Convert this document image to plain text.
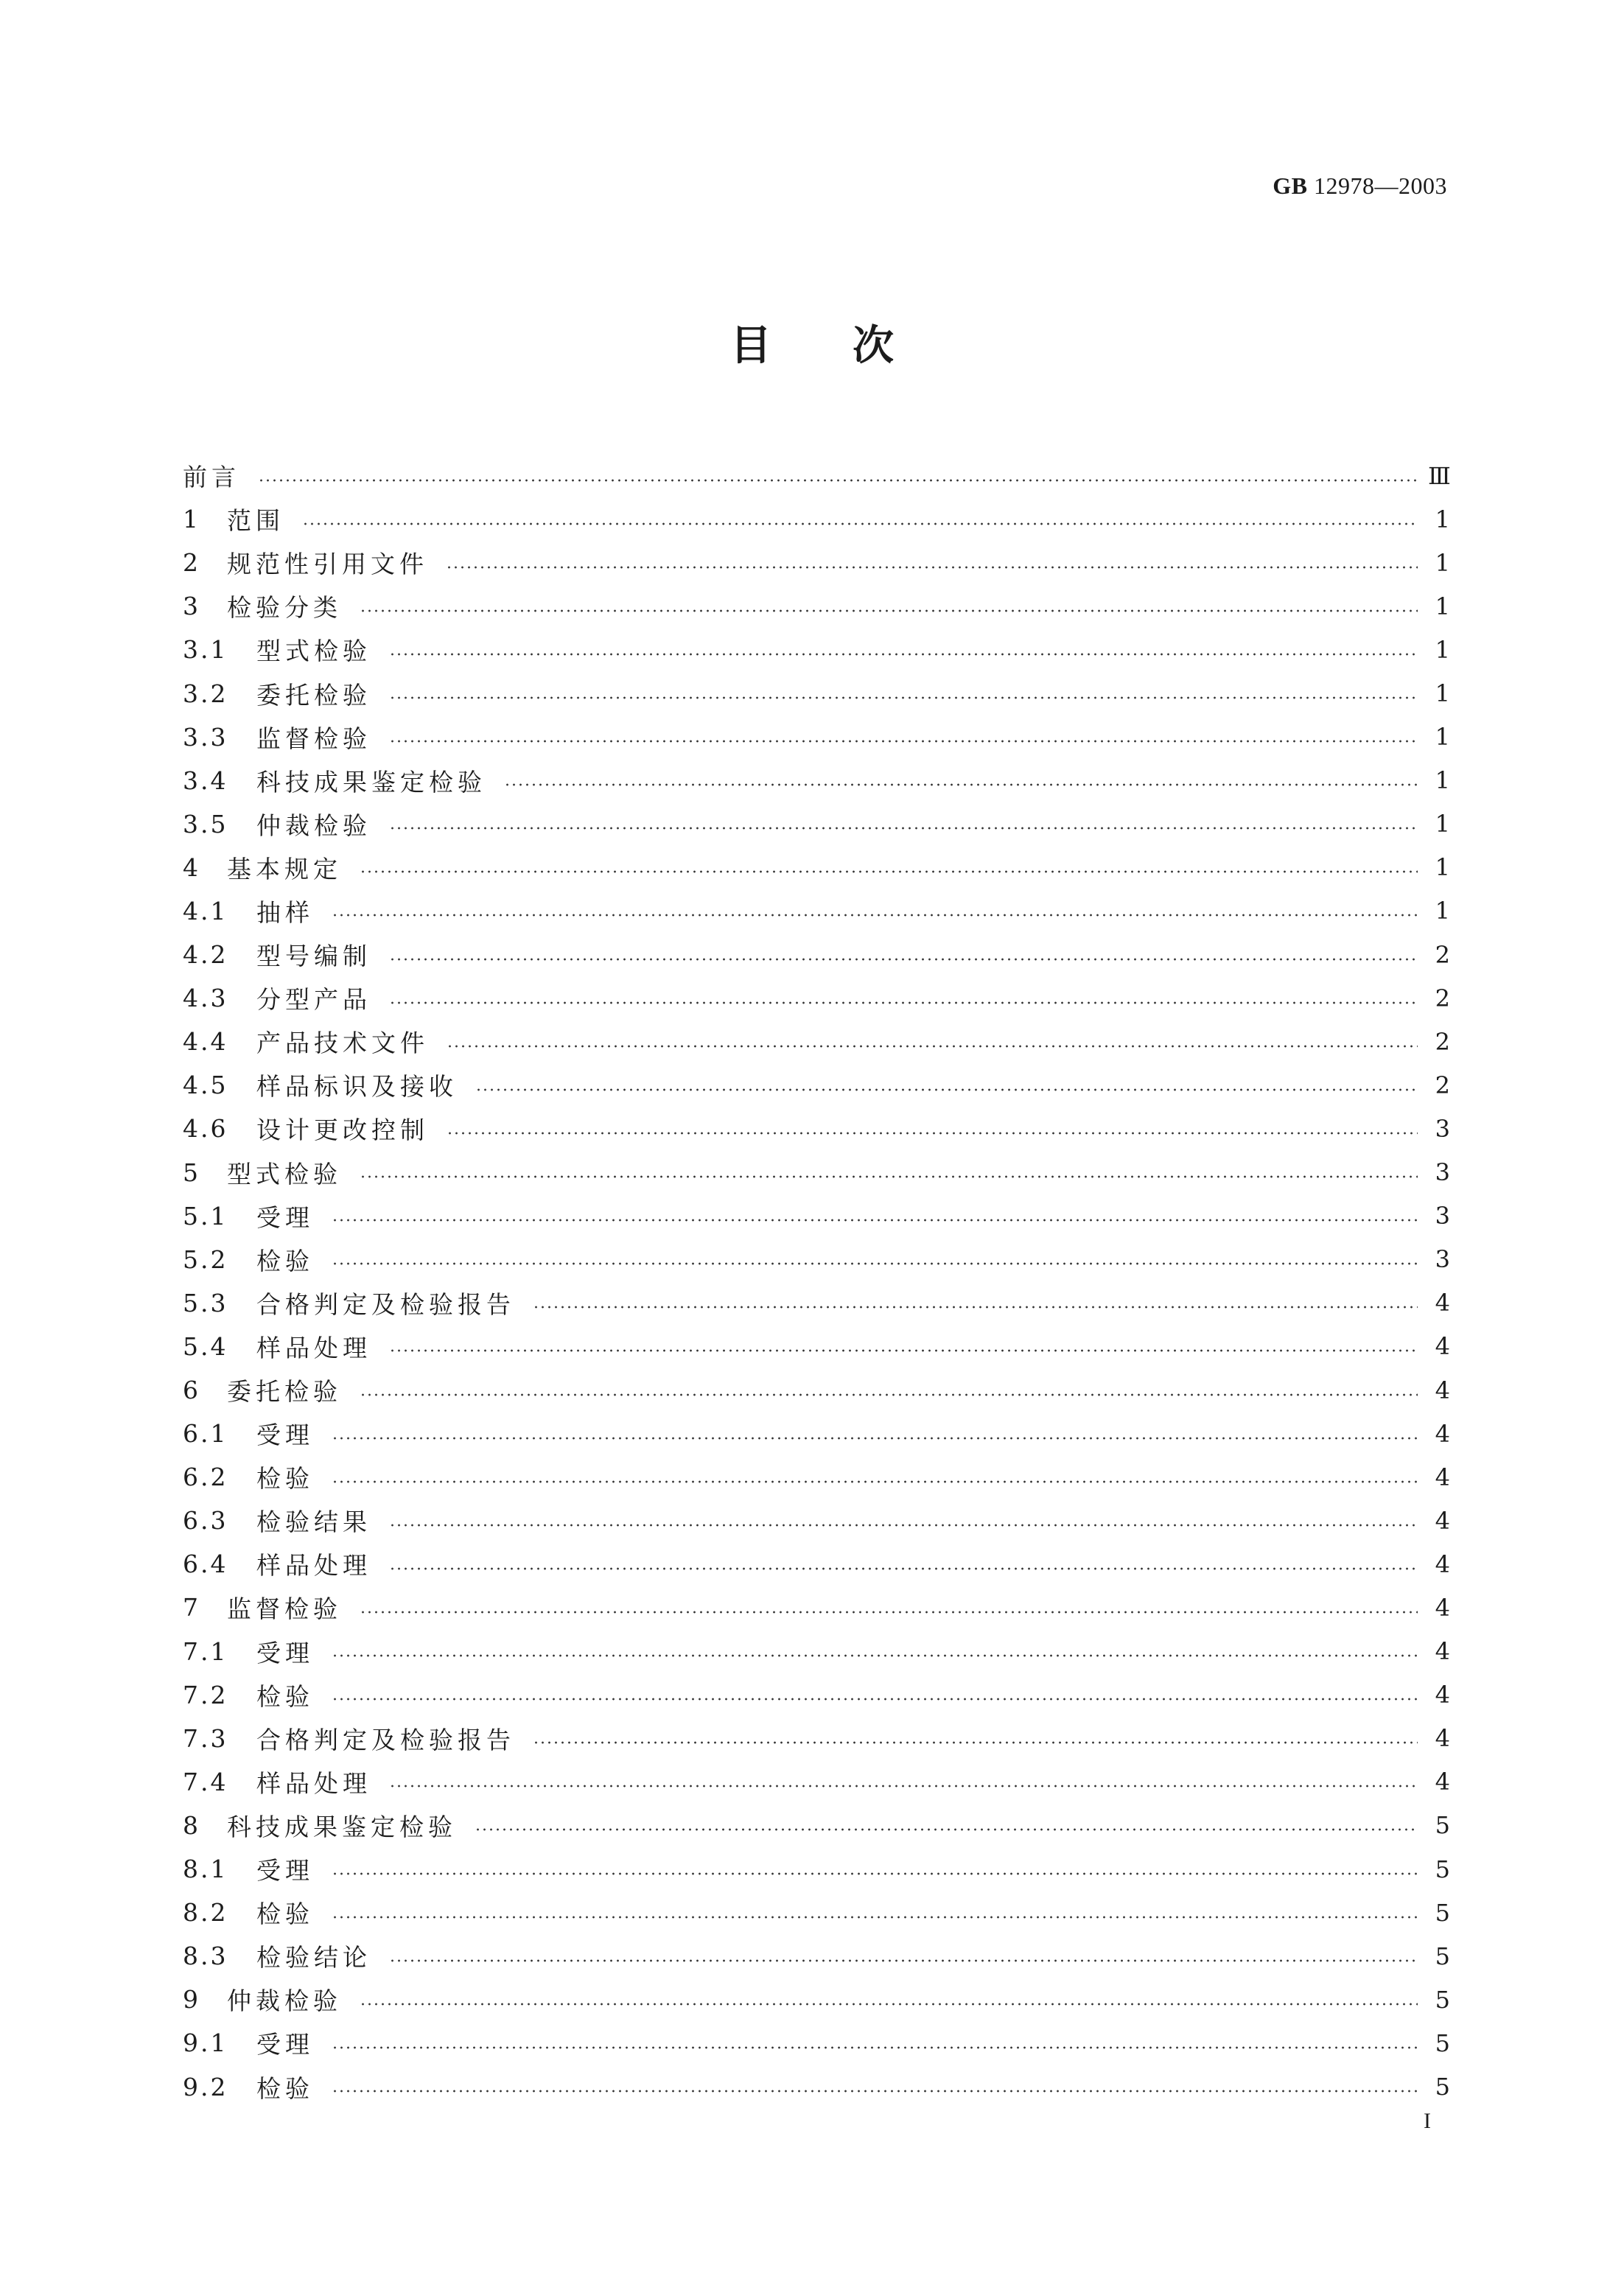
GB 12978—2003
目次
前言	Ⅲ
1	范围	1
2	规范性引用文件	1
3	检验分类	1
3.1	型式检验	1
3.2	委托检验	1
3.3	监督检验	1
3.4	科技成果鉴定检验	1
3.5	仲裁检验	1
4	基本规定	1
4.1	抽样	1
4.2	型号编制	2
4.3	分型产品	2
4.4	产品技术文件	2
4.5	样品标识及接收	2
4.6	设计更改控制	3
5	型式检验	3
5.1	受理	3
5.2	检验	3
5.3	合格判定及检验报告	4
5.4	样品处理	4
6	委托检验	4
6.1	受理	4
6.2	检验	4
6.3	检验结果	4
6.4	样品处理	4
7	监督检验	4
7.1	受理	4
7.2	检验	4
7.3	合格判定及检验报告	4
7.4	样品处理	4
8	科技成果鉴定检验	5
8.1	受理	5
8.2	检验	5
8.3	检验结论	5
9	仲裁检验	5
9.1	受理	5
9.2	检验	5
I
